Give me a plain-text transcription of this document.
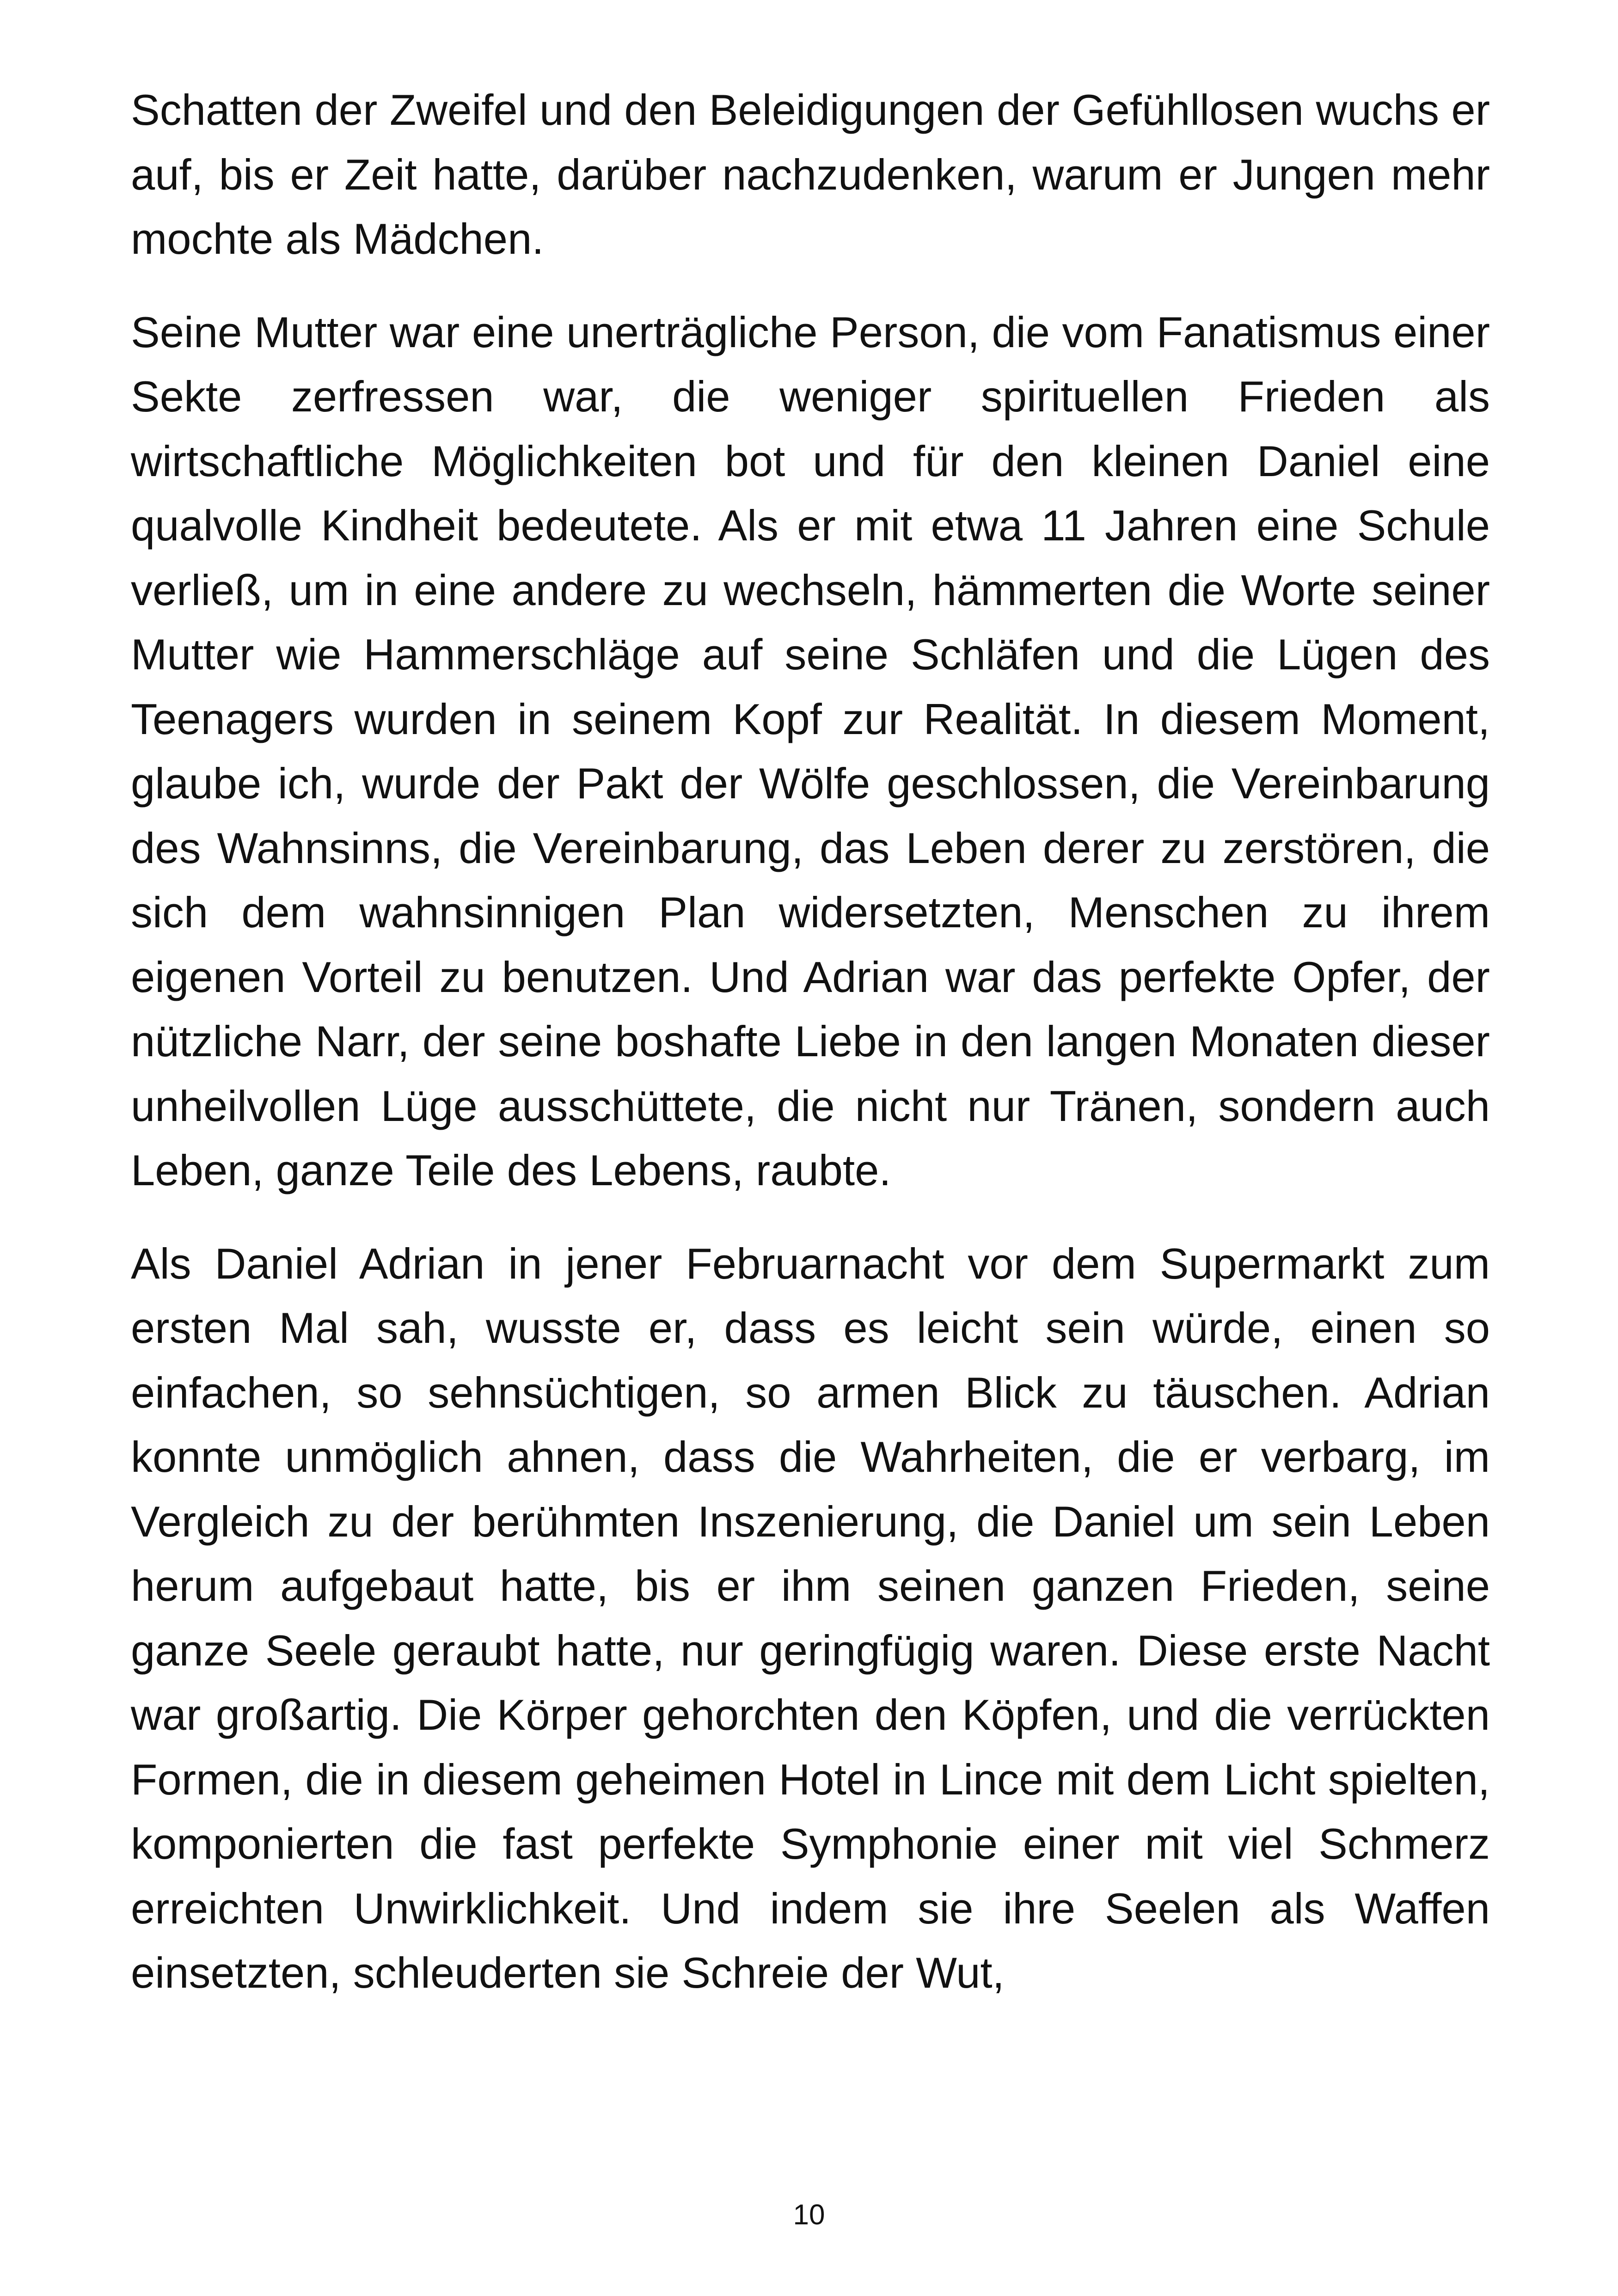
Schatten der Zweifel und den Beleidigungen der Gefühllosen wuchs er auf, bis er Zeit hatte, darüber nachzudenken, warum er Jungen mehr mochte als Mädchen.

Seine Mutter war eine unerträgliche Person, die vom Fanatismus einer Sekte zerfressen war, die weniger spirituellen Frieden als wirtschaftliche Möglichkeiten bot und für den kleinen Daniel eine qualvolle Kindheit bedeutete. Als er mit etwa 11 Jahren eine Schule verließ, um in eine andere zu wechseln, hämmerten die Worte seiner Mutter wie Hammerschläge auf seine Schläfen und die Lügen des Teenagers wurden in seinem Kopf zur Realität. In diesem Moment, glaube ich, wurde der Pakt der Wölfe geschlossen, die Vereinbarung des Wahnsinns, die Vereinbarung, das Leben derer zu zerstören, die sich dem wahnsinnigen Plan widersetzten, Menschen zu ihrem eigenen Vorteil zu benutzen. Und Adrian war das perfekte Opfer, der nützliche Narr, der seine boshafte Liebe in den langen Monaten dieser unheilvollen Lüge ausschüttete, die nicht nur Tränen, sondern auch Leben, ganze Teile des Lebens, raubte.

Als Daniel Adrian in jener Februarnacht vor dem Supermarkt zum ersten Mal sah, wusste er, dass es leicht sein würde, einen so einfachen, so sehnsüchtigen, so armen Blick zu täuschen. Adrian konnte unmöglich ahnen, dass die Wahrheiten, die er verbarg, im Vergleich zu der berühmten Inszenierung, die Daniel um sein Leben herum aufgebaut hatte, bis er ihm seinen ganzen Frieden, seine ganze Seele geraubt hatte, nur geringfügig waren. Diese erste Nacht war großartig. Die Körper gehorchten den Köpfen, und die verrückten Formen, die in diesem geheimen Hotel in Lince mit dem Licht spielten, komponierten die fast perfekte Symphonie einer mit viel Schmerz erreichten Unwirklichkeit. Und indem sie ihre Seelen als Waffen einsetzten, schleuderten sie Schreie der Wut,

10
